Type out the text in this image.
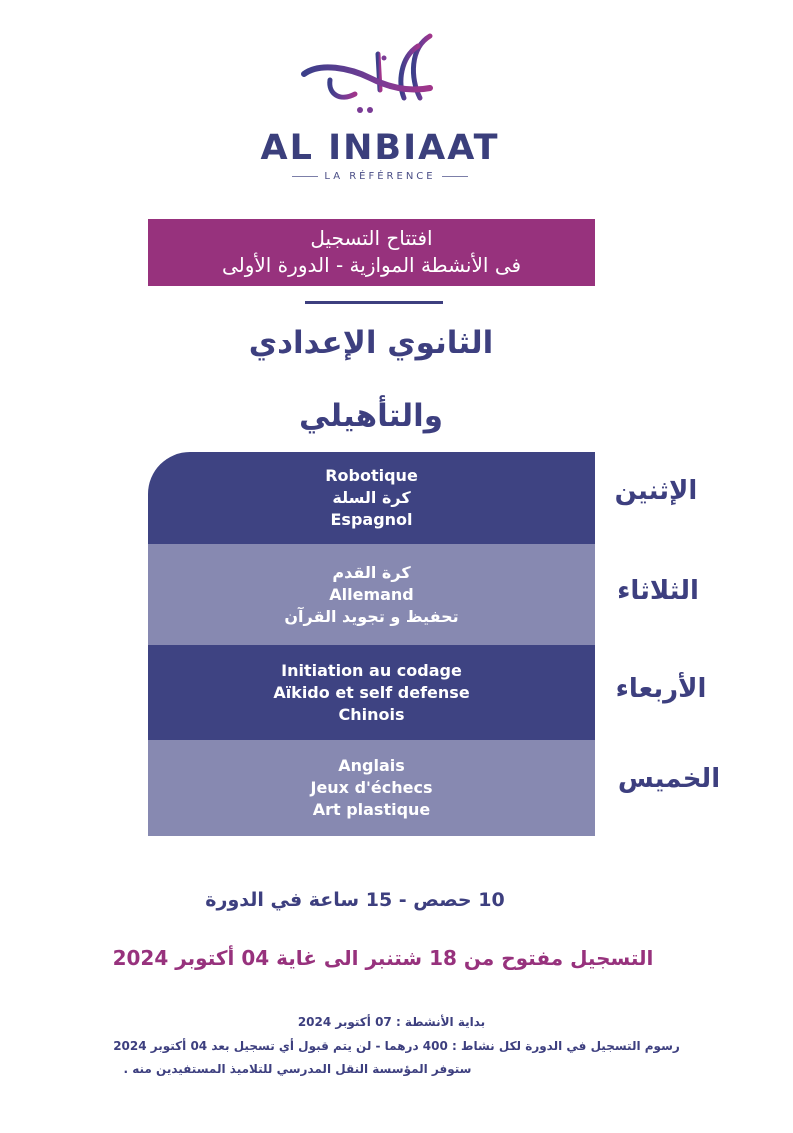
AL INBIAAT
LA RÉFÉRENCE
افتتاح التسجيل
فى الأنشطة الموازية - الدورة الأولى
الثانوي الإعدادي
والتأهيلي
Robotique
كرة السلة
Espagnol
الإثنين
كرة القدم
Allemand
تحفيظ و تجويد القرآن
الثلاثاء
Initiation au codage
Aïkido et self defense
Chinois
الأربعاء
Anglais
Jeux d'échecs
Art plastique
الخميس
10 حصص - 15 ساعة في الدورة
التسجيل مفتوح من 18 شتنبر الى غاية 04 أكتوبر 2024
بداية الأنشطة : 07 أكتوبر 2024
رسوم التسجيل في الدورة لكل نشاط : 400 درهما - لن يتم قبول أي تسجيل بعد 04 أكتوبر 2024
ستوفر المؤسسة النقل المدرسي للتلاميذ المستفيدين منه .
